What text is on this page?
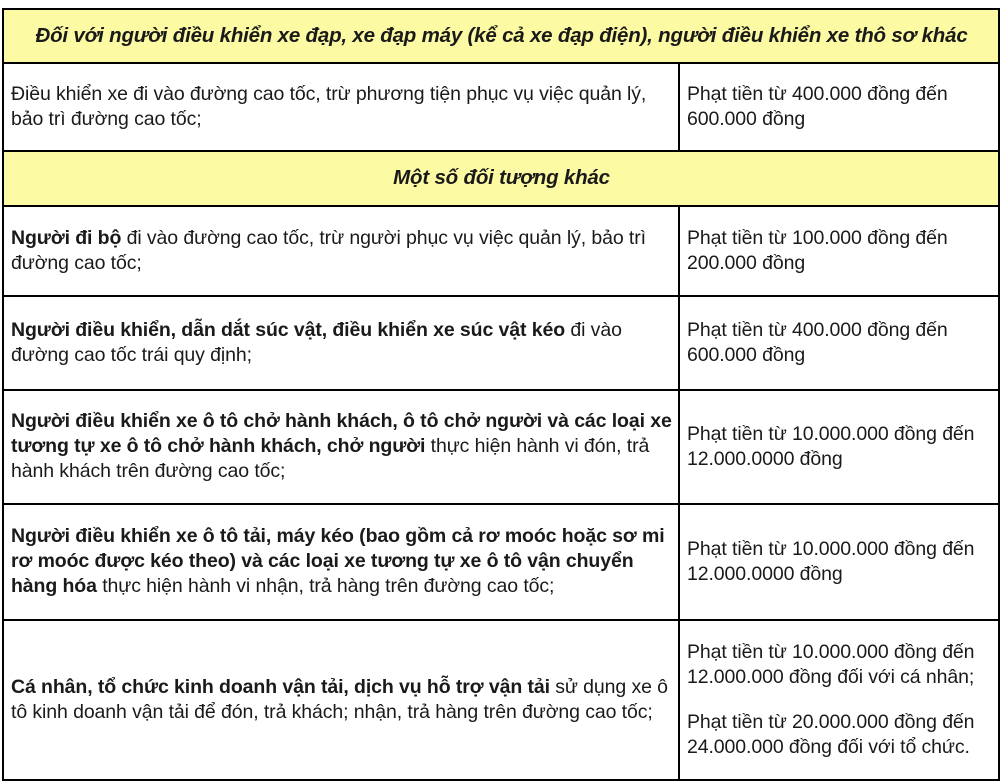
Đối với người điều khiển xe đạp, xe đạp máy (kể cả xe đạp điện), người điều khiển xe thô sơ khác	
Điều khiển xe đi vào đường cao tốc, trừ phương tiện phục vụ việc quản lý, bảo trì đường cao tốc;	Phạt tiền từ 400.000 đồng đến 600.000 đồng

Một số đối tượng khác	
Người đi bộ đi vào đường cao tốc, trừ người phục vụ việc quản lý, bảo trì đường cao tốc;	Phạt tiền từ 100.000 đồng đến 200.000 đồng

Người điều khiển, dẫn dắt súc vật, điều khiển xe súc vật kéo đi vào đường cao tốc trái quy định;	Phạt tiền từ 400.000 đồng đến 600.000 đồng

Người điều khiển xe ô tô chở hành khách, ô tô chở người và các loại xe tương tự xe ô tô chở hành khách, chở người thực hiện hành vi đón, trả hành khách trên đường cao tốc;	Phạt tiền từ 10.000.000 đồng đến 12.000.0000 đồng

Người điều khiển xe ô tô tải, máy kéo (bao gồm cả rơ moóc hoặc sơ mi rơ moóc được kéo theo) và các loại xe tương tự xe ô tô vận chuyển hàng hóa thực hiện hành vi nhận, trả hàng trên đường cao tốc;	Phạt tiền từ 10.000.000 đồng đến 12.000.0000 đồng

Cá nhân, tổ chức kinh doanh vận tải, dịch vụ hỗ trợ vận tải sử dụng xe ô tô kinh doanh vận tải để đón, trả khách; nhận, trả hàng trên đường cao tốc;	Phạt tiền từ 10.000.000 đồng đến 12.000.000 đồng đối với cá nhân;

Phạt tiền từ 20.000.000 đồng đến 24.000.000 đồng đối với tổ chức.
